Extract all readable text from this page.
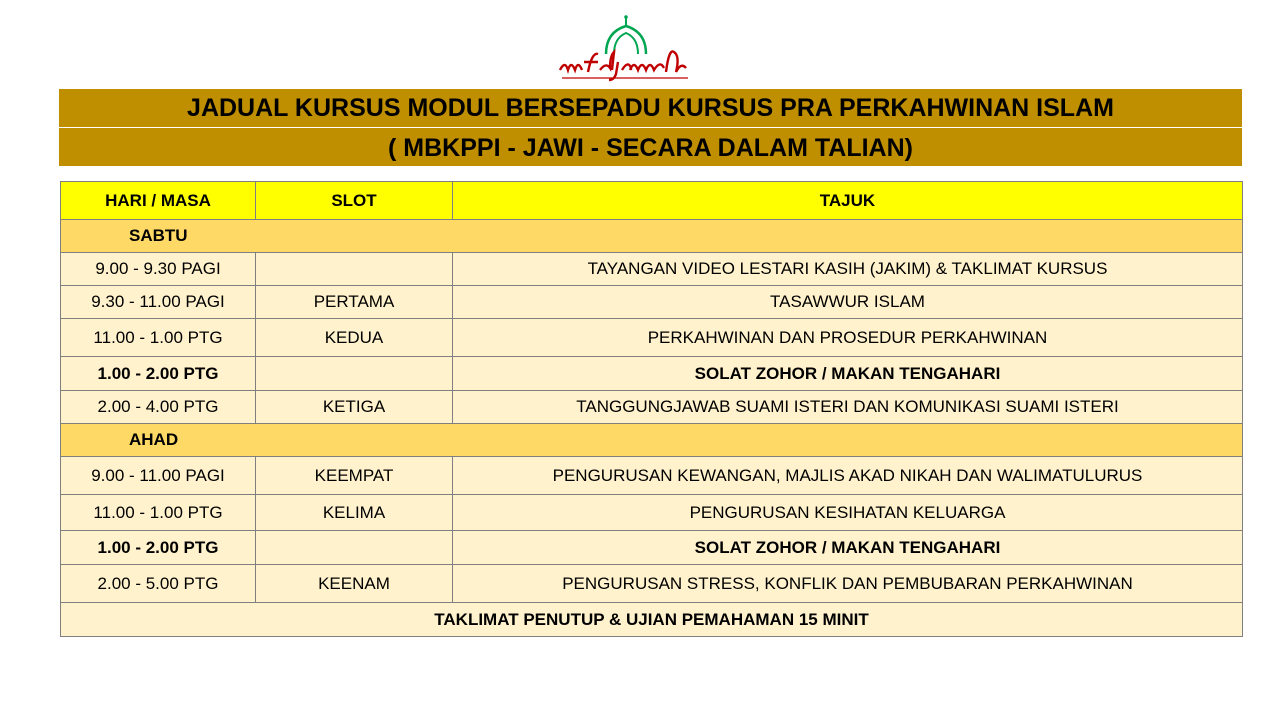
JADUAL KURSUS MODUL BERSEPADU KURSUS PRA PERKAHWINAN ISLAM
( MBKPPI - JAWI - SECARA DALAM TALIAN)
HARI / MASA	SLOT	TAJUK
SABTU		
9.00 - 9.30 PAGI		TAYANGAN VIDEO LESTARI KASIH (JAKIM) & TAKLIMAT KURSUS
9.30 - 11.00 PAGI	PERTAMA	TASAWWUR ISLAM
11.00 - 1.00 PTG	KEDUA	PERKAHWINAN DAN PROSEDUR PERKAHWINAN
1.00 - 2.00 PTG		SOLAT ZOHOR / MAKAN TENGAHARI
2.00 - 4.00 PTG	KETIGA	TANGGUNGJAWAB SUAMI ISTERI DAN KOMUNIKASI SUAMI ISTERI
AHAD		
9.00 - 11.00 PAGI	KEEMPAT	PENGURUSAN KEWANGAN, MAJLIS AKAD NIKAH DAN WALIMATULURUS
11.00 - 1.00 PTG	KELIMA	PENGURUSAN KESIHATAN KELUARGA
1.00 - 2.00 PTG		SOLAT ZOHOR / MAKAN TENGAHARI
2.00 - 5.00 PTG	KEENAM	PENGURUSAN STRESS, KONFLIK DAN PEMBUBARAN PERKAHWINAN
TAKLIMAT PENUTUP & UJIAN PEMAHAMAN 15 MINIT		
